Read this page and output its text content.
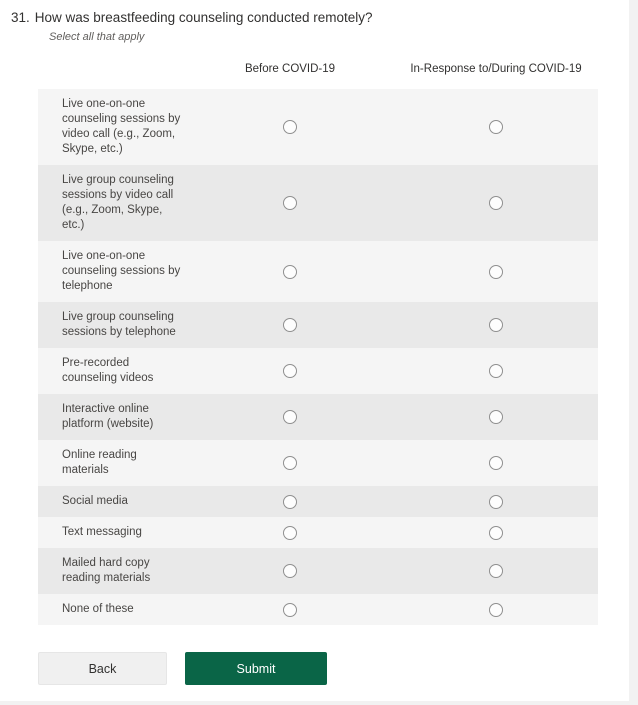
31. How was breastfeeding counseling conducted remotely?
Select all that apply
Before COVID-19	In-Response to/During COVID-19
Live one-on-one
counseling sessions by
video call (e.g., Zoom,
Skype, etc.)
Live group counseling
sessions by video call
(e.g., Zoom, Skype, etc.)
Live one-on-one
counseling sessions by
telephone
Live group counseling
sessions by telephone
Pre-recorded
counseling videos
Interactive online
platform (website)
Online reading
materials
Social media
Text messaging
Mailed hard copy
reading materials
None of these
Back	Submit
